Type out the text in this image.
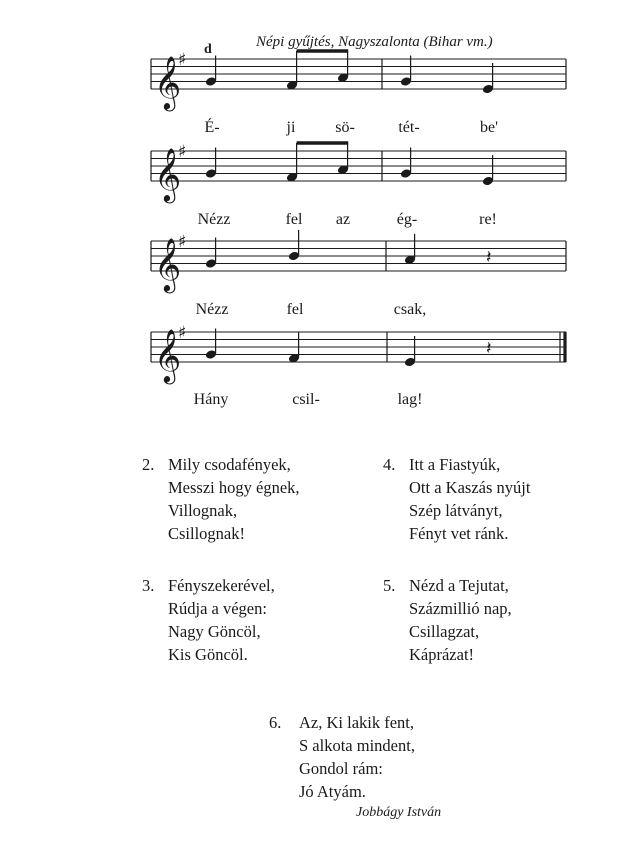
𝄞
♯
𝄞
♯
𝄞
♯
𝄽
𝄞
♯
𝄽
d	Népi gyűjtés, Nagyszalonta (Bihar vm.)
É-	ji sö-	tét-	be'
Nézz	fel az	ég-	re!
Nézz	fel	csak,
Hány	csil-	lag!
2. Mily csodafények,
Messzi hogy égnek,
Villognak,
Csillognak!
4. Itt a Fiastyúk,
Ott a Kaszás nyújt
Szép látványt,
Fényt vet ránk.
3. Fényszekerével,
Rúdja a végen:
Nagy Göncöl,
Kis Göncöl.
5. Nézd a Tejutat,
Százmillió nap,
Csillagzat,
Káprázat!
6. Az, Ki lakik fent,
S alkota mindent,
Gondol rám:
Jó Atyám.
Jobbágy István
